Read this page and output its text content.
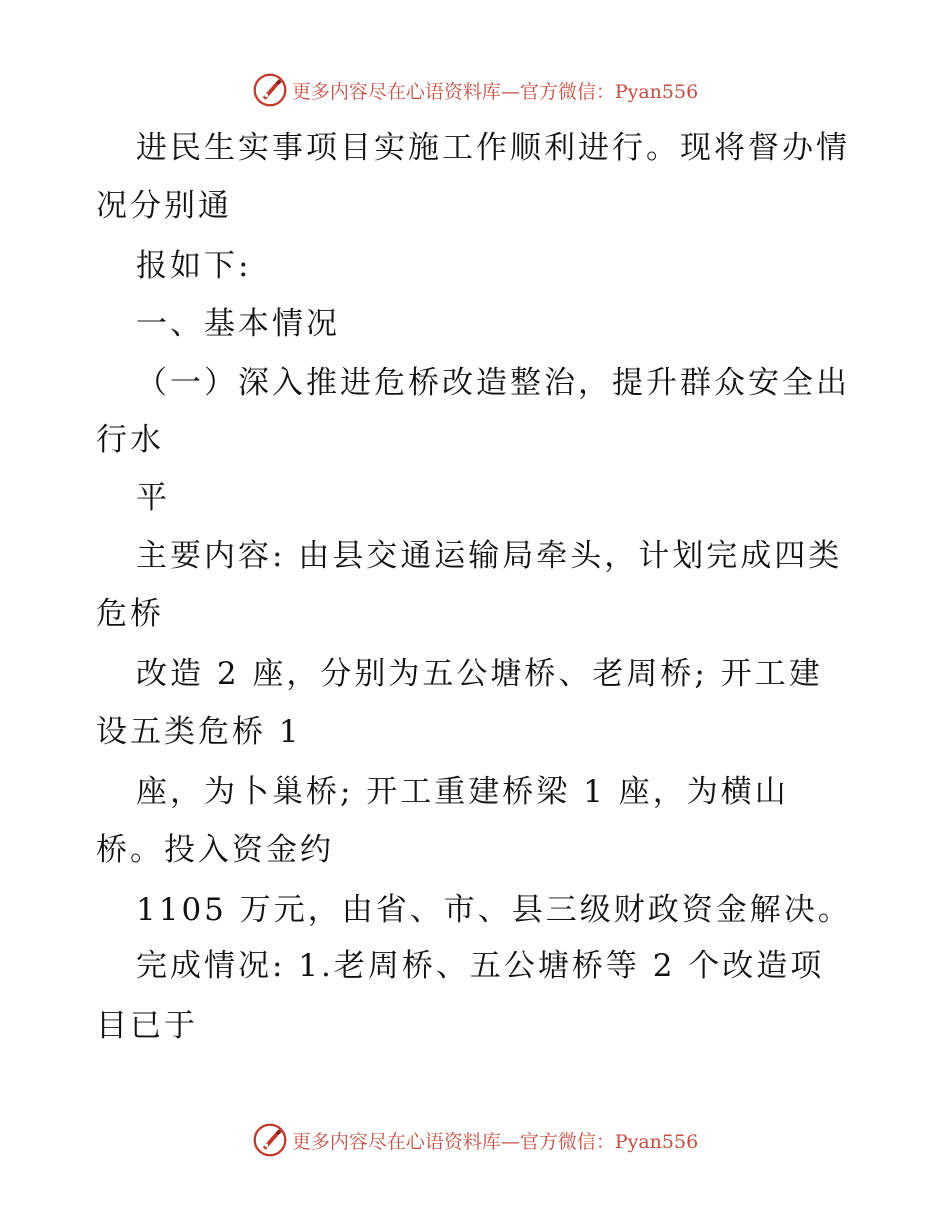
更多内容尽在心语资料库—官方微信：Pyan556
进民生实事项目实施工作顺利进行。现将督办情
况分别通
报如下:
一、基本情况
（一）深入推进危桥改造整治，提升群众安全出
行水
平
主要内容: 由县交通运输局牵头，计划完成四类
危桥
改造 2 座，分别为五公塘桥、老周桥; 开工建
设五类危桥 1
座，为卜巢桥; 开工重建桥梁 1 座，为横山
桥。投入资金约
1105 万元，由省、市、县三级财政资金解决。
完成情况: 1.老周桥、五公塘桥等 2 个改造项
目已于
更多内容尽在心语资料库—官方微信：Pyan556
